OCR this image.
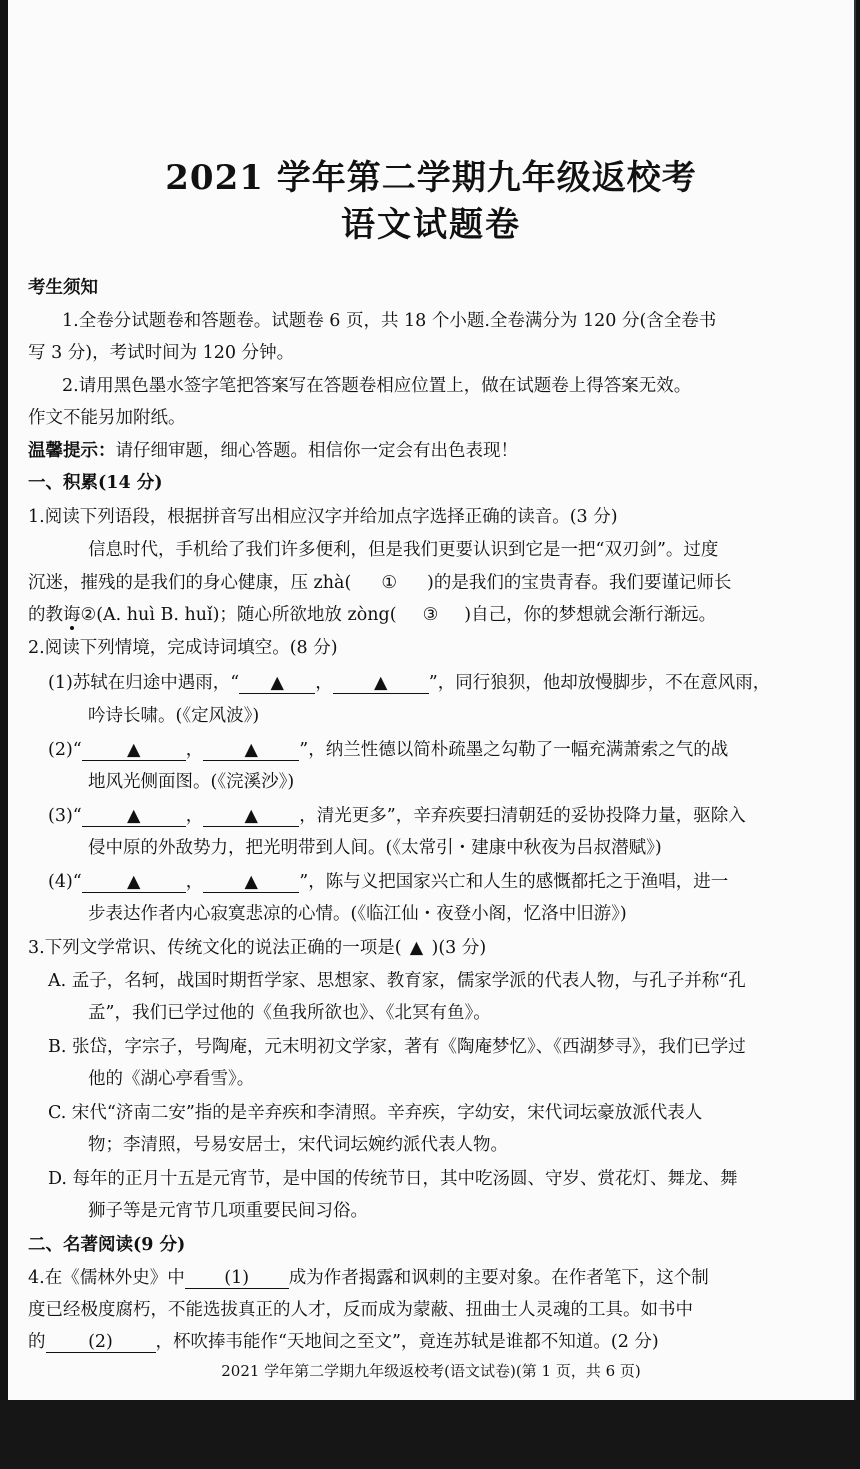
2021 学年第二学期九年级返校考
语文试题卷
考生须知
1.全卷分试题卷和答题卷。试题卷 6 页，共 18 个小题.全卷满分为 120 分(含全卷书
写 3 分)，考试时间为 120 分钟。
2.请用黑色墨水签字笔把答案写在答题卷相应位置上，做在试题卷上得答案无效。
作文不能另加附纸。
温馨提示：请仔细审题，细心答题。相信你一定会有出色表现！
一、积累(14 分)
1.阅读下列语段，根据拼音写出相应汉字并给加点字选择正确的读音。(3 分)
信息时代，手机给了我们许多便利，但是我们更要认识到它是一把“双刃剑”。过度
沉迷，摧残的是我们的身心健康，压 zhà( ① )的是我们的宝贵青春。我们要谨记师长
的教诲②(A. huì B. huǐ)；随心所欲地放 zòng( ③ )自己，你的梦想就会渐行渐远。
2.阅读下列情境，完成诗词填空。(8 分)
(1)苏轼在归途中遇雨，“ ▲ ， ▲ ”，同行狼狈，他却放慢脚步，不在意风雨，
吟诗长啸。(《定风波》)
(2)“	▲	， ▲ ”，纳兰性德以简朴疏墨之勾勒了一幅充满萧索之气的战
地风光侧面图。(《浣溪沙》)
(3)“	▲	， ▲ ，清光更多”，辛弃疾要扫清朝廷的妥协投降力量，驱除入
侵中原的外敌势力，把光明带到人间。(《太常引・建康中秋夜为吕叔潜赋》)
(4)“	▲	， ▲ ”，陈与义把国家兴亡和人生的感慨都托之于渔唱，进一
步表达作者内心寂寞悲凉的心情。(《临江仙・夜登小阁，忆洛中旧游》)
3.下列文学常识、传统文化的说法正确的一项是( ▲ )(3 分)
A. 孟子，名轲，战国时期哲学家、思想家、教育家，儒家学派的代表人物，与孔子并称“孔
孟”，我们已学过他的《鱼我所欲也》、《北冥有鱼》。
B. 张岱，字宗子，号陶庵，元末明初文学家，著有《陶庵梦忆》、《西湖梦寻》，我们已学过
他的《湖心亭看雪》。
C. 宋代“济南二安”指的是辛弃疾和李清照。辛弃疾，字幼安，宋代词坛豪放派代表人
物；李清照，号易安居士，宋代词坛婉约派代表人物。
D. 每年的正月十五是元宵节，是中国的传统节日，其中吃汤圆、守岁、赏花灯、舞龙、舞
狮子等是元宵节几项重要民间习俗。
二、名著阅读(9 分)
4.在《儒林外史》中 (1) 成为作者揭露和讽刺的主要对象。在作者笔下，这个制
2021 学年第二学期九年级返校考(语文试卷)(第 1 页，共 6 页)
度已经极度腐朽，不能选拔真正的人才，反而成为蒙蔽、扭曲士人灵魂的工具。如书中
的 (2) ，杯吹捧韦能作“天地间之至文”，竟连苏轼是谁都不知道。(2 分)
